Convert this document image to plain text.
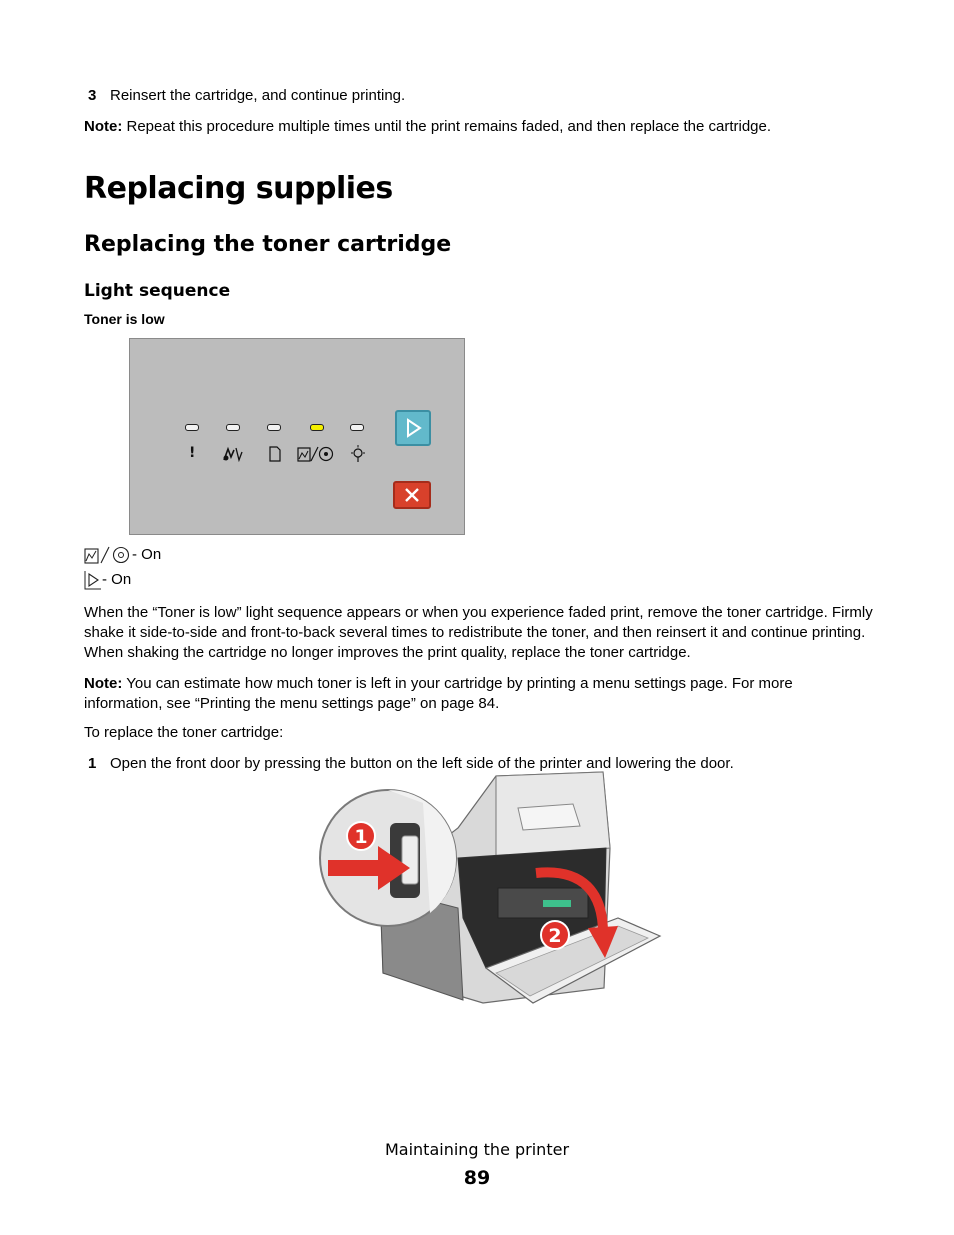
3 Reinsert the cartridge, and continue printing.
Note: Repeat this procedure multiple times until the print remains faded, and then replace the cartridge.
Replacing supplies
Replacing the toner cartridge
Light sequence
Toner is low
!
- On
- On

When the “Toner is low” light sequence appears or when you experience faded print, remove the toner cartridge. Firmly shake it side-to-side and front-to-back several times to redistribute the toner, and then reinsert it and continue printing. When shaking the cartridge no longer improves the print quality, replace the toner cartridge.

Note: You can estimate how much toner is left in your cartridge by printing a menu settings page. For more information, see “Printing the menu settings page” on page 84.
To replace the toner cartridge:
1 Open the front door by pressing the button on the left side of the printer and lowering the door.
2
1
Maintaining the printer
89
